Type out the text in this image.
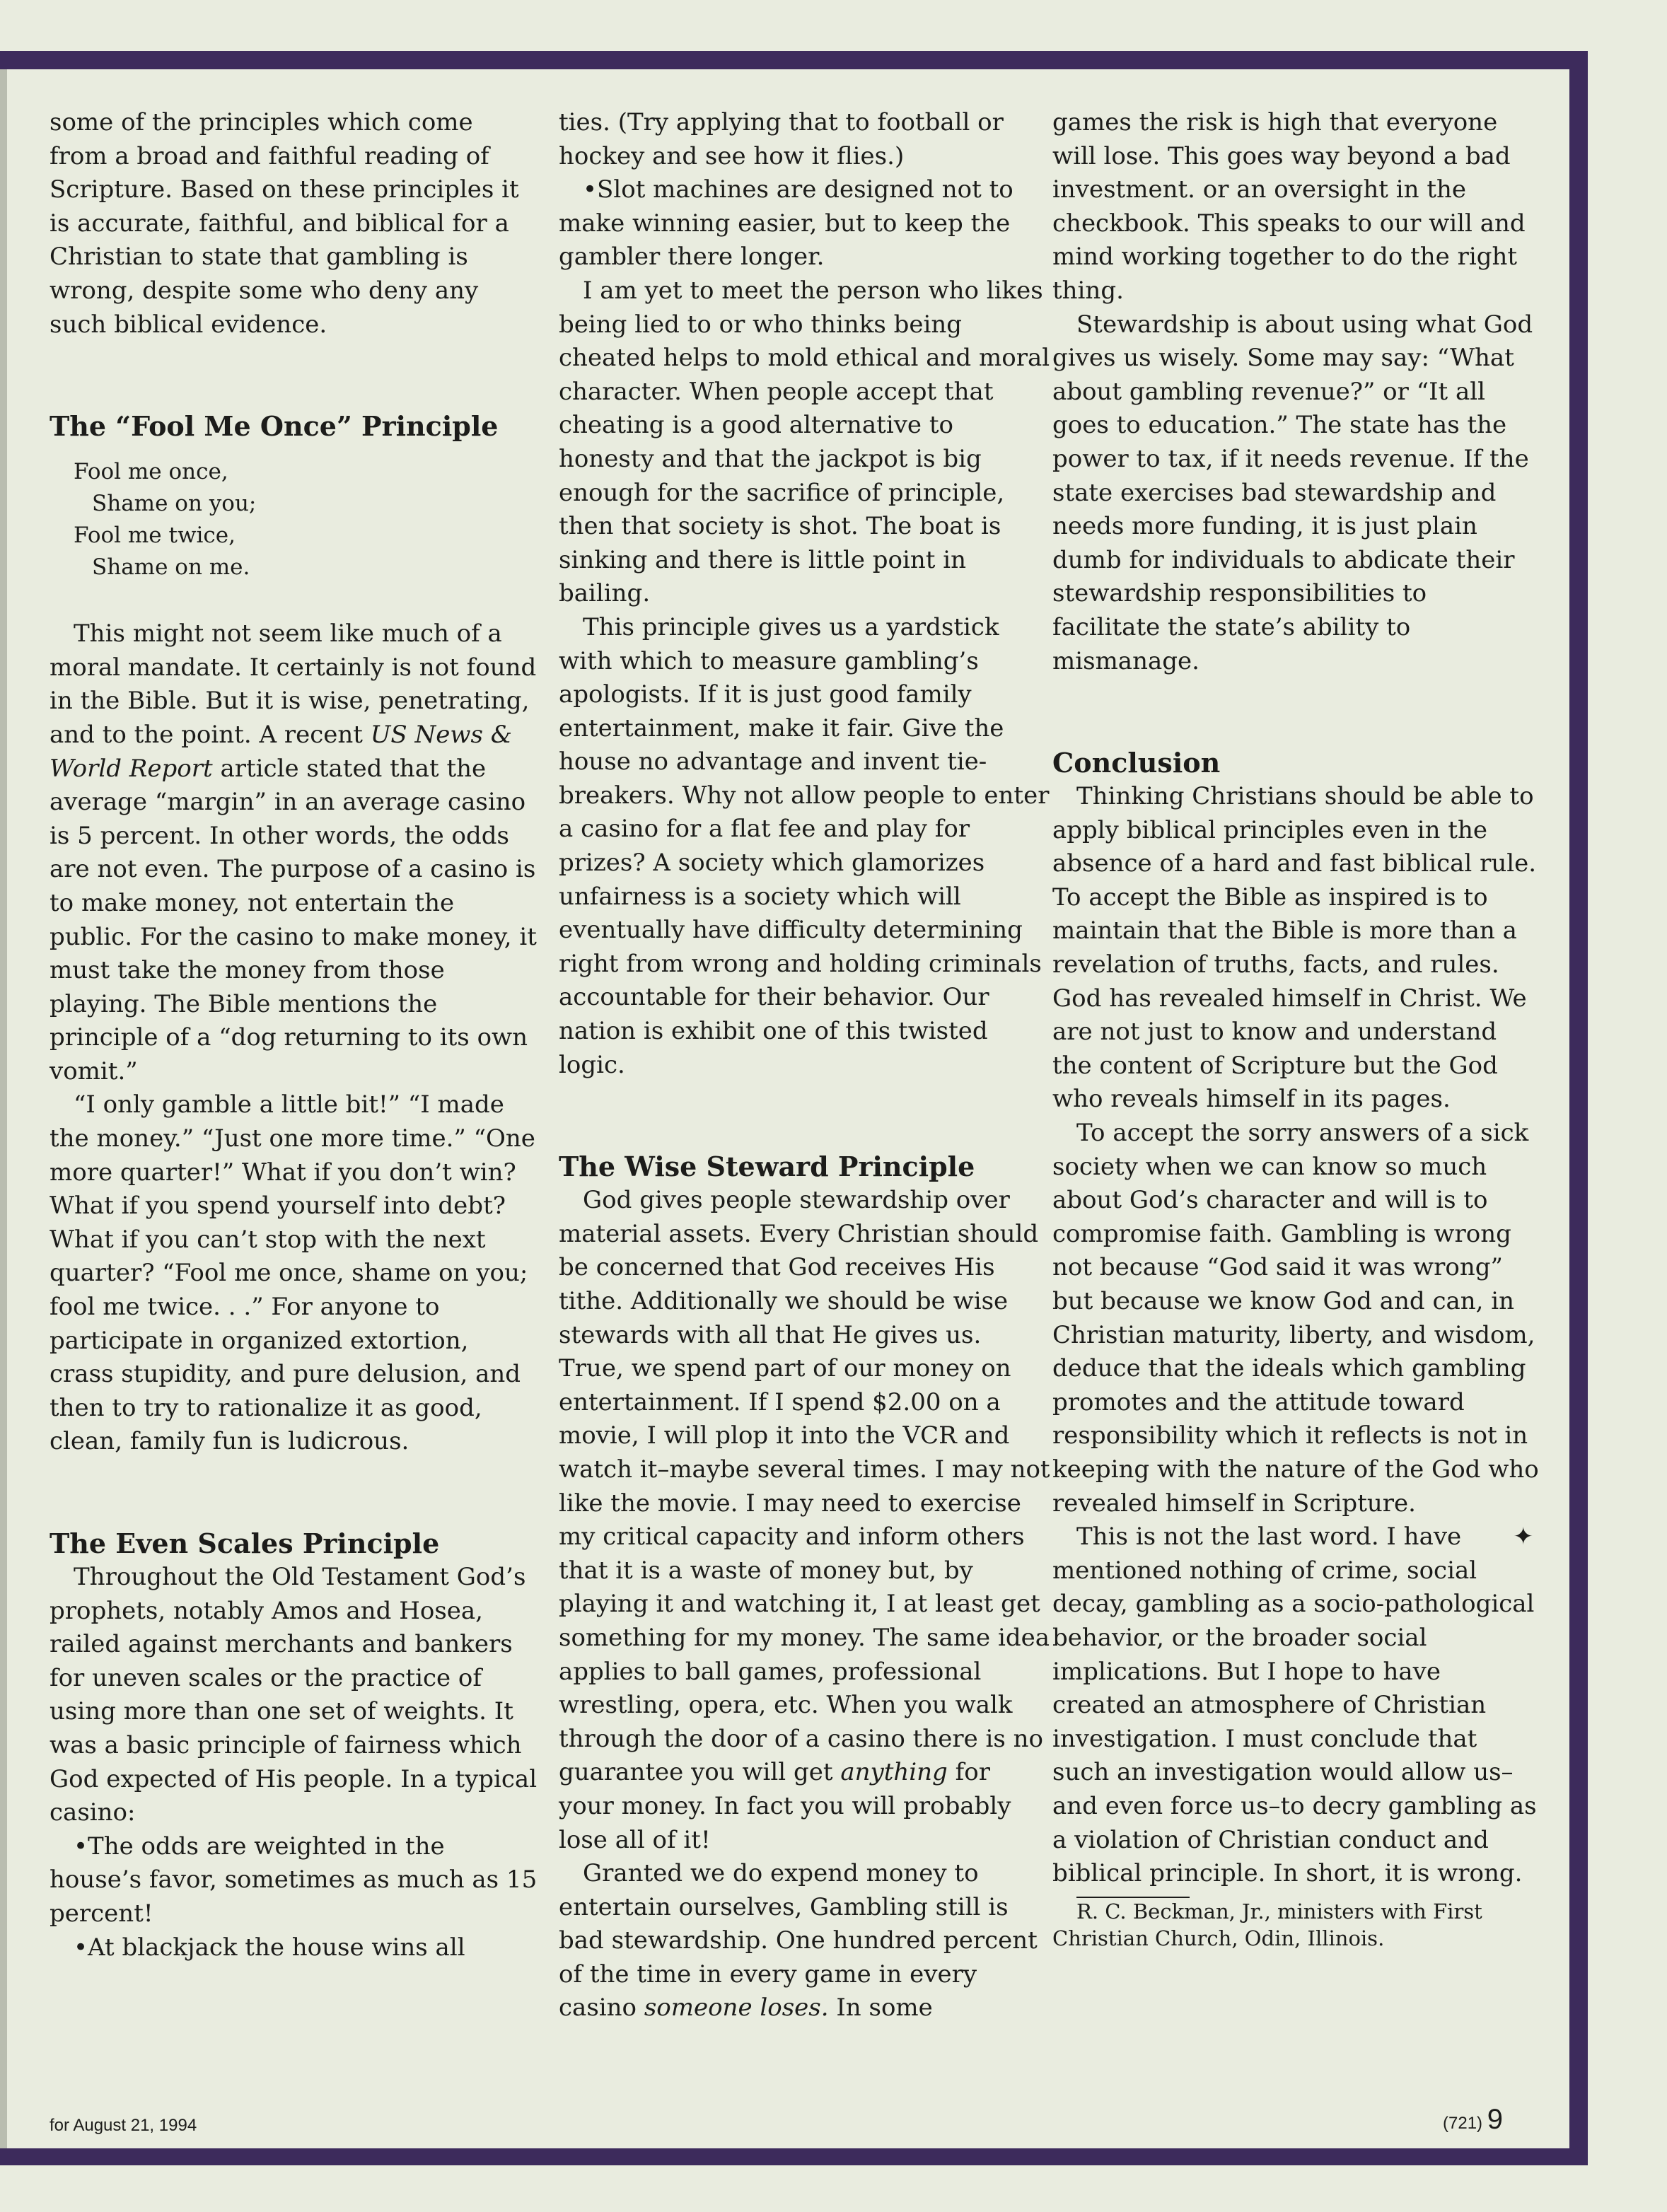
some of the principles which come from a broad and faithful reading of Scripture. Based on these principles it is accurate, faithful, and biblical for a Christian to state that gambling is wrong, despite some who deny any such biblical evidence.

The “Fool Me Once” Principle
Fool me once,
Shame on you;
Fool me twice,
Shame on me.

This might not seem like much of a moral mandate. It certainly is not found in the Bible. But it is wise, penetrating, and to the point. A recent US News & World Report article stated that the average “margin” in an average casino is 5 percent. In other words, the odds are not even. The purpose of a casino is to make money, not entertain the public. For the casino to make money, it must take the money from those playing. The Bible mentions the principle of a “dog returning to its own vomit.”

“I only gamble a little bit!” “I made the money.” “Just one more time.” “One more quarter!” What if you don’t win? What if you spend yourself into debt? What if you can’t stop with the next quarter? “Fool me once, shame on you; fool me twice. . .” For anyone to participate in organized extortion, crass stupidity, and pure delusion, and then to try to rationalize it as good, clean, family fun is ludicrous.

The Even Scales Principle

Throughout the Old Testament God’s prophets, notably Amos and Hosea, railed against merchants and bankers for uneven scales or the practice of using more than one set of weights. It was a basic principle of fairness which God expected of His people. In a typical casino:

•The odds are weighted in the house’s favor, sometimes as much as 15 percent!

•At blackjack the house wins all

ties. (Try applying that to football or hockey and see how it flies.)

•Slot machines are designed not to make winning easier, but to keep the gambler there longer.

I am yet to meet the person who likes being lied to or who thinks being cheated helps to mold ethical and moral character. When people accept that cheating is a good alternative to honesty and that the jackpot is big enough for the sacrifice of principle, then that society is shot. The boat is sinking and there is little point in bailing.

This principle gives us a yardstick with which to measure gambling’s apologists. If it is just good family entertainment, make it fair. Give the house no advantage and invent tie-breakers. Why not allow people to enter a casino for a flat fee and play for prizes? A society which glamorizes unfairness is a society which will eventually have difficulty determining right from wrong and holding criminals accountable for their behavior. Our nation is exhibit one of this twisted logic.

The Wise Steward Principle

God gives people stewardship over material assets. Every Christian should be concerned that God receives His tithe. Additionally we should be wise stewards with all that He gives us. True, we spend part of our money on entertainment. If I spend $2.00 on a movie, I will plop it into the VCR and watch it–maybe several times. I may not like the movie. I may need to exercise my critical capacity and inform others that it is a waste of money but, by playing it and watching it, I at least get something for my money. The same idea applies to ball games, professional wrestling, opera, etc. When you walk through the door of a casino there is no guarantee you will get anything for your money. In fact you will probably lose all of it!

Granted we do expend money to entertain ourselves, Gambling still is bad stewardship. One hundred percent of the time in every game in every casino someone loses. In some

games the risk is high that everyone will lose. This goes way beyond a bad investment. or an oversight in the checkbook. This speaks to our will and mind working together to do the right thing.

Stewardship is about using what God gives us wisely. Some may say: “What about gambling revenue?” or “It all goes to education.” The state has the power to tax, if it needs revenue. If the state exercises bad stewardship and needs more funding, it is just plain dumb for individuals to abdicate their stewardship responsibilities to facilitate the state’s ability to mismanage.

Conclusion

Thinking Christians should be able to apply biblical principles even in the absence of a hard and fast biblical rule. To accept the Bible as inspired is to maintain that the Bible is more than a revelation of truths, facts, and rules. God has revealed himself in Christ. We are not just to know and understand the content of Scripture but the God who reveals himself in its pages.

To accept the sorry answers of a sick society when we can know so much about God’s character and will is to compromise faith. Gambling is wrong not because “God said it was wrong” but because we know God and can, in Christian maturity, liberty, and wisdom, deduce that the ideals which gambling promotes and the attitude toward responsibility which it reflects is not in keeping with the nature of the God who revealed himself in Scripture.

✦
This is not the last word. I have mentioned nothing of crime, social decay, gambling as a socio-pathological behavior, or the broader social implications. But I hope to have created an atmosphere of Christian investigation. I must conclude that such an investigation would allow us–and even force us–to decry gambling as a violation of Christian conduct and biblical principle. In short, it is wrong.

R. C. Beckman, Jr., ministers with First Christian Church, Odin, Illinois.

for August 21, 1994	(721) 9
